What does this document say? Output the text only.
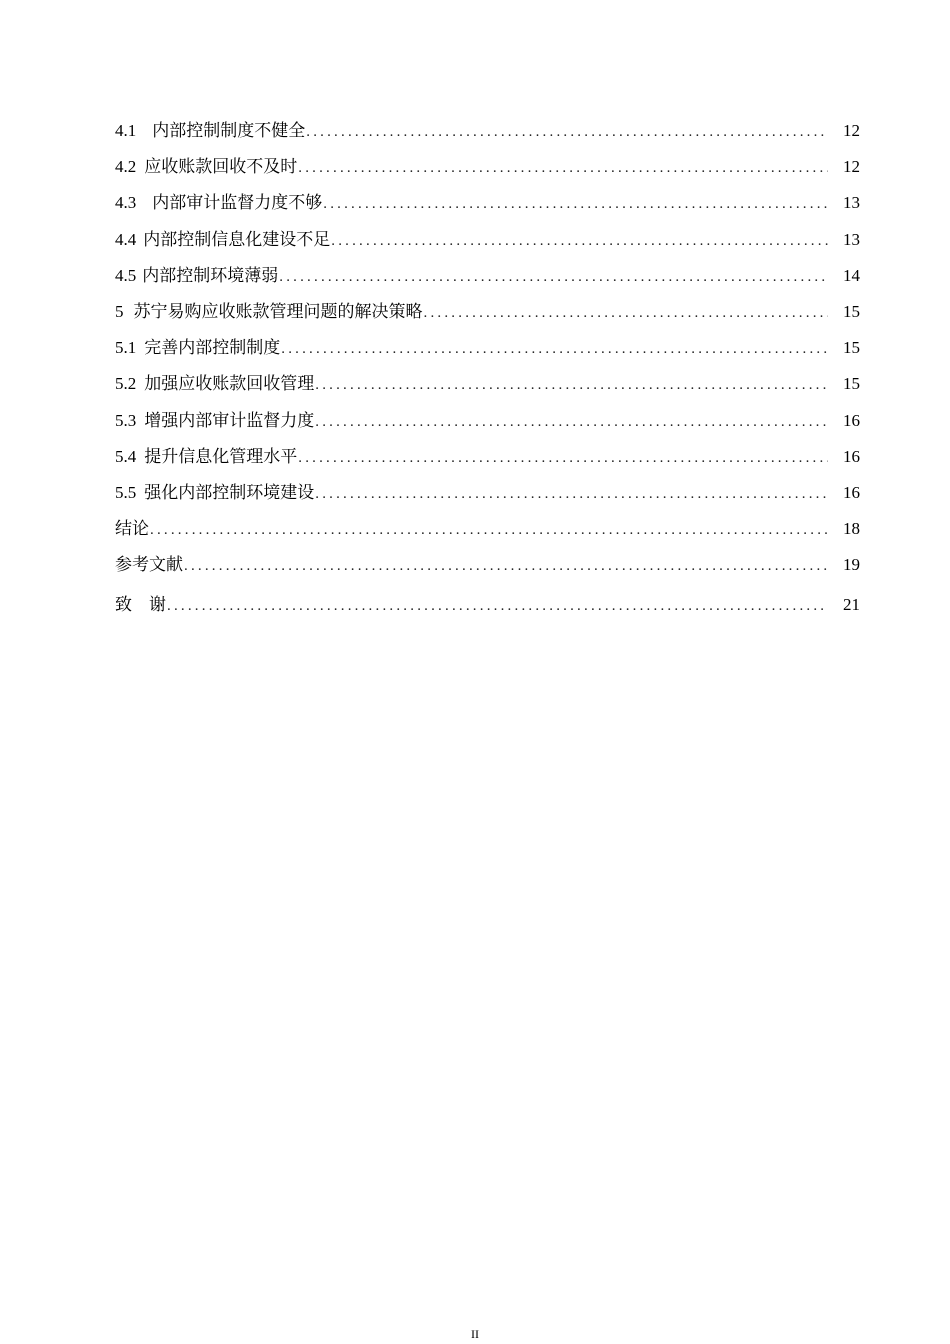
4.1 内部控制制度不健全 .....	12
4.2 应收账款回收不及时 .....	12
4.3 内部审计监督力度不够 .....	13
4.4 内部控制信息化建设不足 .....	13
4.5 内部控制环境薄弱 .....	14
5 苏宁易购应收账款管理问题的解决策略 .....	15
5.1 完善内部控制制度 .....	15
5.2 加强应收账款回收管理 .....	15
5.3 增强内部审计监督力度 .....	16
5.4 提升信息化管理水平 .....	16
5.5 强化内部控制环境建设 .....	16
结论 .....	18
参考文献 .....	19
致    谢 .....	21
II
